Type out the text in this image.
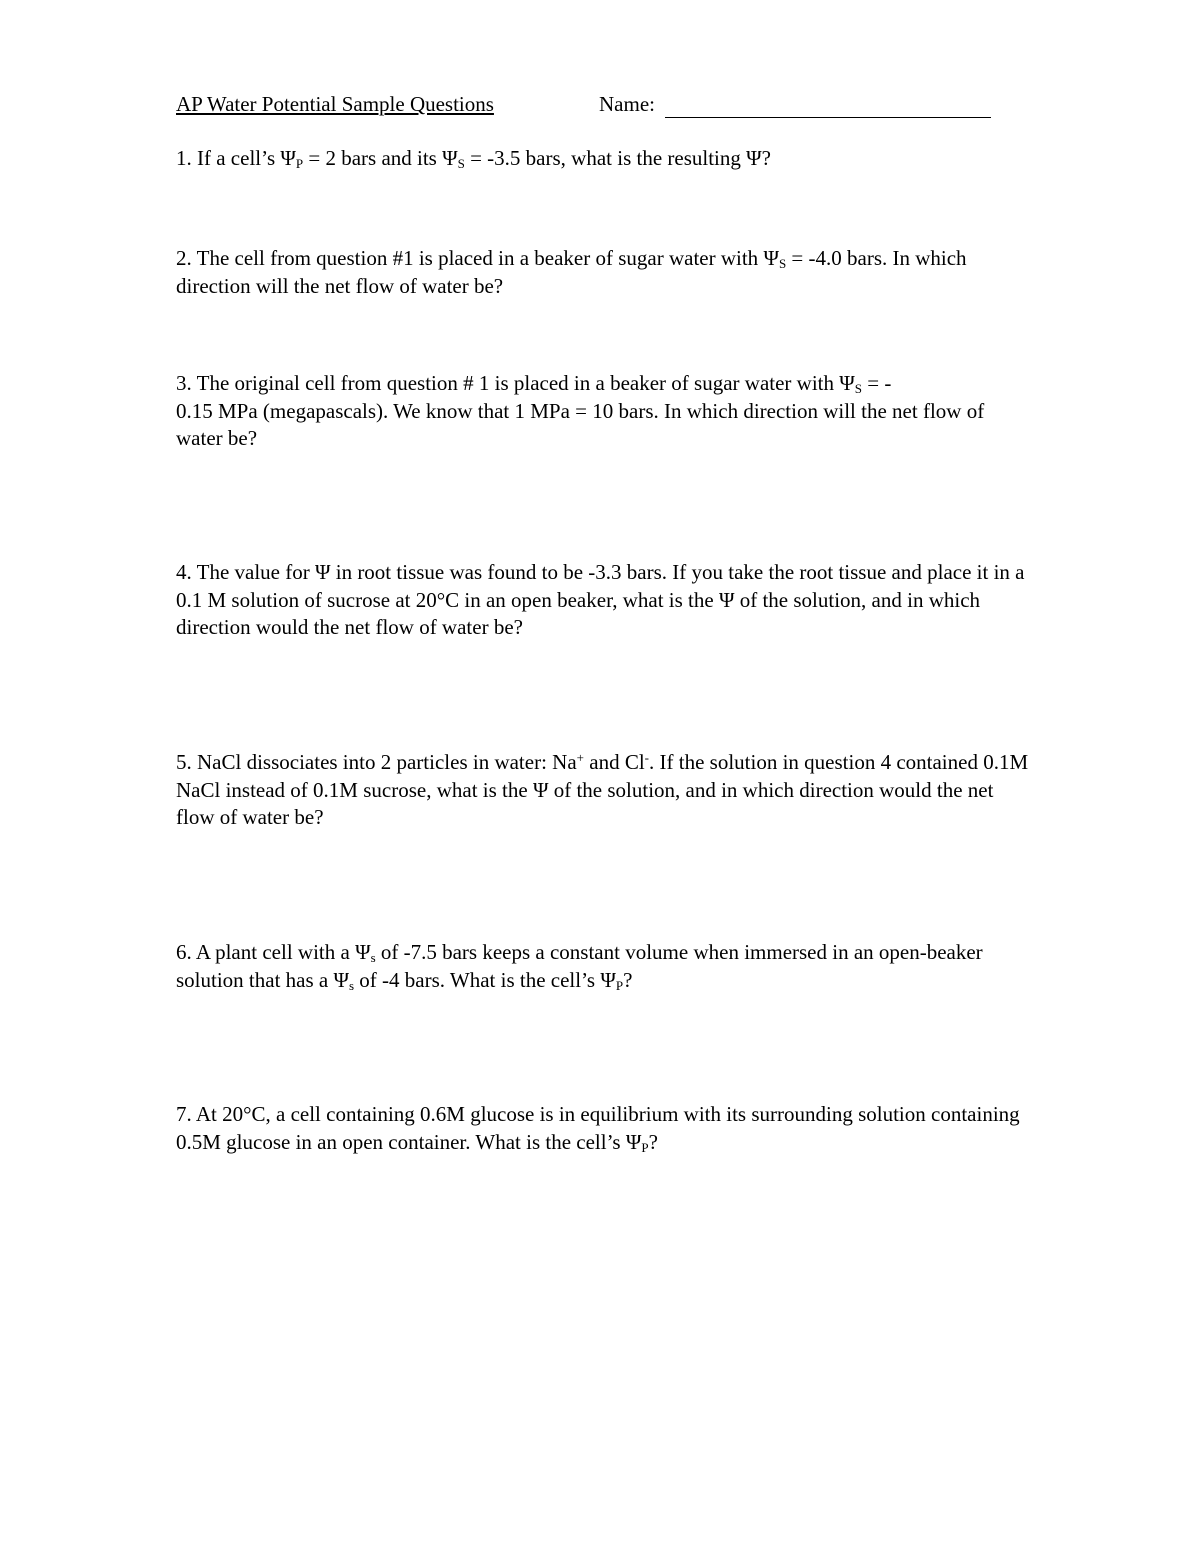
AP Water Potential Sample Questions	Name:

1. If a cell’s $\Psi_P = 2$ bars and its $\Psi_S = -3.5$ bars, what is the resulting Ψ?

2. The cell from question #1 is placed in a beaker of sugar water with $\Psi_S = -4.0$ bars. In which direction will the net flow of water be?

3. The original cell from question # 1 is placed in a beaker of sugar water with $\Psi_S$ = -

0.15 MPa (megapascals). We know that 1 MPa = 10 bars. In which direction will the net flow of water be?

4. The value for Ψ in root tissue was found to be -3.3 bars. If you take the root tissue and place it in a 0.1 M solution of sucrose at 20°C in an open beaker, what is the Ψ of the solution, and in which direction would the net flow of water be?

5. NaCl dissociates into 2 particles in water: Na+ and Cl-. If the solution in question 4 contained 0.1M NaCl instead of 0.1M sucrose, what is the Ψ of the solution, and in which direction would the net flow of water be?

6. A plant cell with a $\Psi_s$ of -7.5 bars keeps a constant volume when immersed in an open-beaker solution that has a $\Psi_s$ of -4 bars. What is the cell’s $\Psi_P$?

7. At 20°C, a cell containing 0.6M glucose is in equilibrium with its surrounding solution containing 0.5M glucose in an open container. What is the cell’s $\Psi_P$?
